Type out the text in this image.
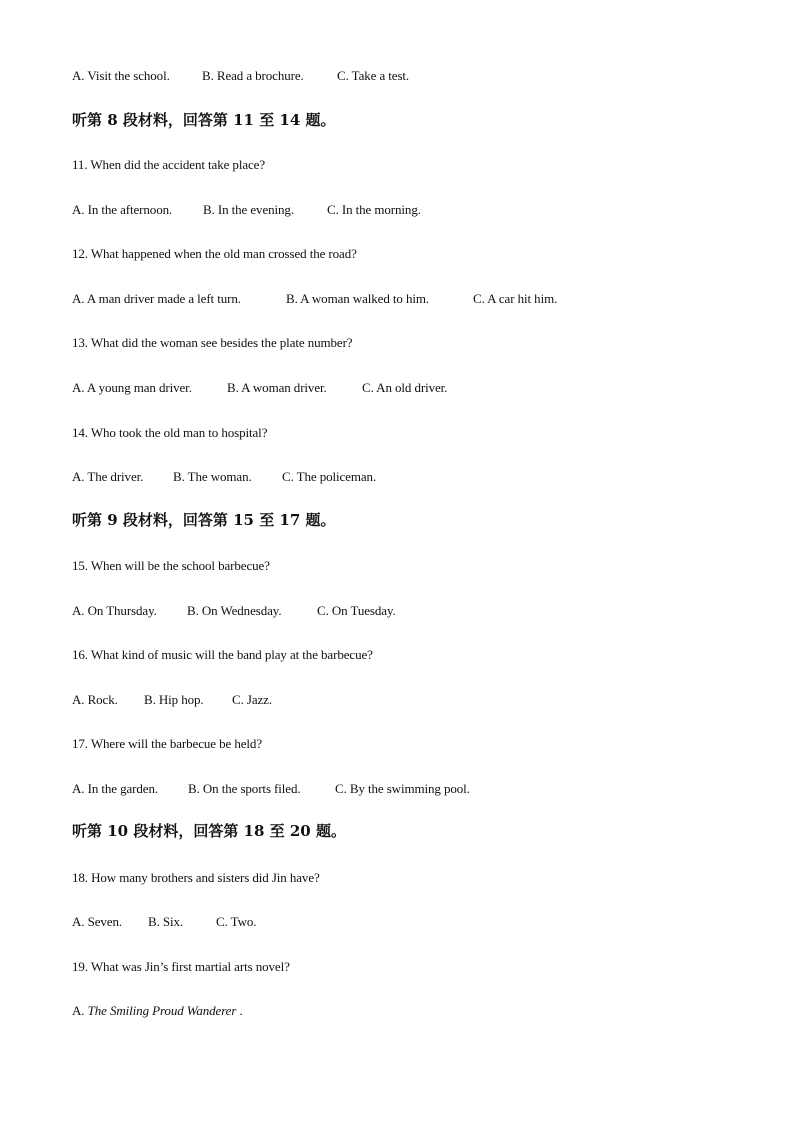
A. Visit the school. B. Read a brochure.	C. Take a test.
听第 8 段材料，回答第 11 至 14 题。
11. When did the accident take place?
A. In the afternoon. B. In the evening.	C. In the morning.
12. What happened when the old man crossed the road?
A. A man driver made a left turn.	B. A woman walked to him.	C. A car hit him.
13. What did the woman see besides the plate number?
A. A young man driver.	B. A woman driver.	C. An old driver.
14. Who took the old man to hospital?
A. The driver. B. The woman. C. The policeman.
听第 9 段材料，回答第 15 至 17 题。
15. When will be the school barbecue?
A. On Thursday. B. On Wednesday.	C. On Tuesday.
16. What kind of music will the band play at the barbecue?
A. Rock. B. Hip hop. C. Jazz.
17. Where will the barbecue be held?
A. In the garden. B. On the sports filed.	C. By the swimming pool.
听第 10 段材料，回答第 18 至 20 题。
18. How many brothers and sisters did Jin have?
A. Seven. B. Six.	C. Two.
19. What was Jin’s first martial arts novel?
A. The Smiling Proud Wanderer .
